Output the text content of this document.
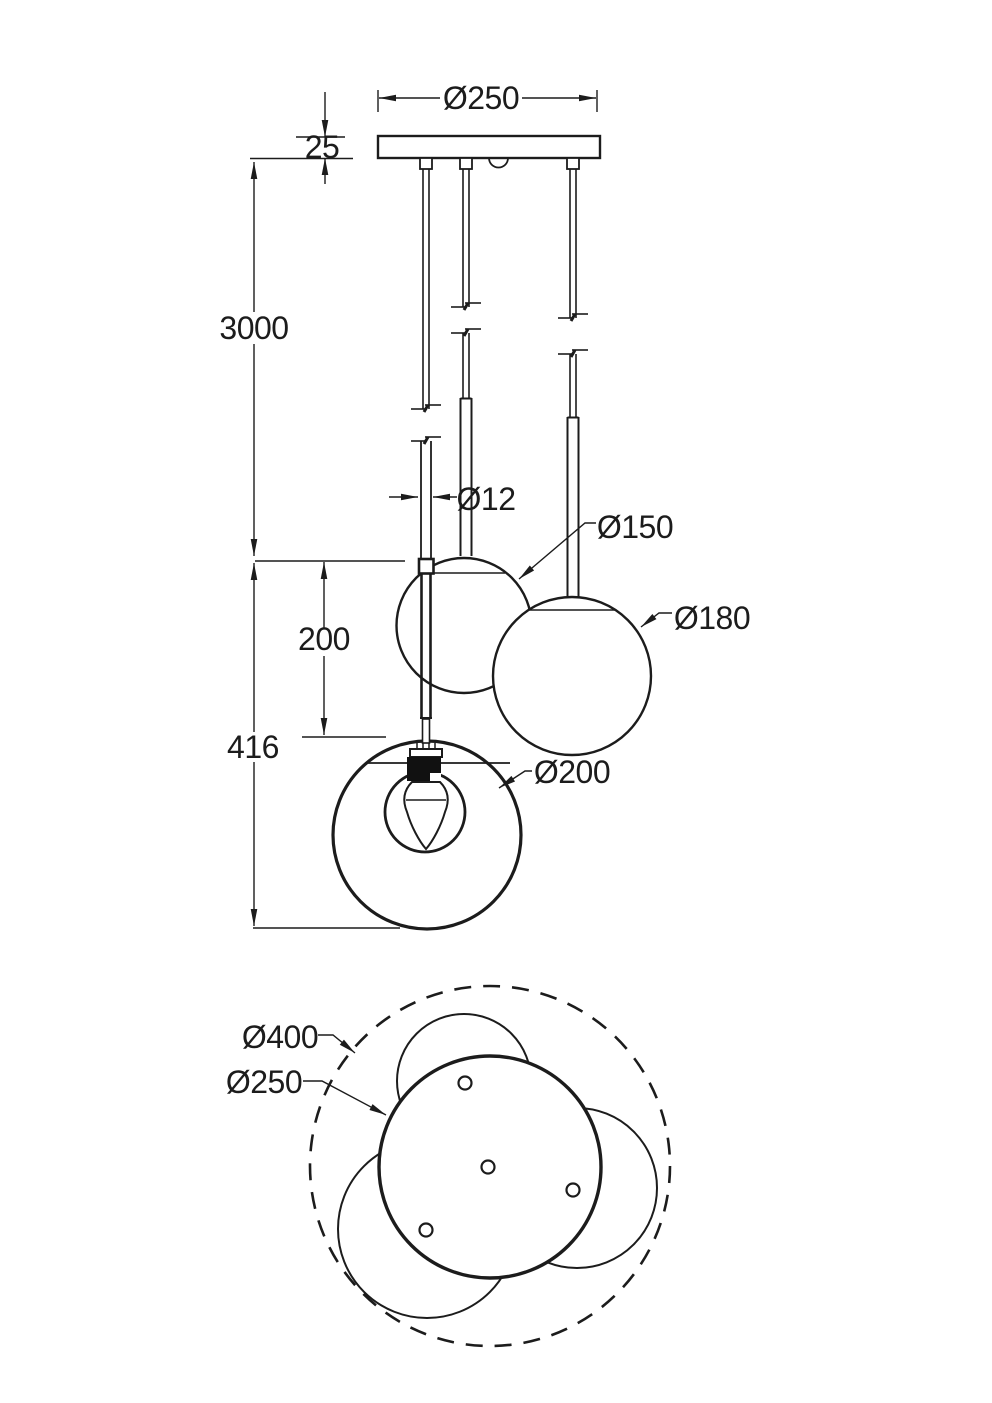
Ø250
25
3000
200
416
Ø12
Ø150
Ø180
Ø200
Ø400
Ø250
